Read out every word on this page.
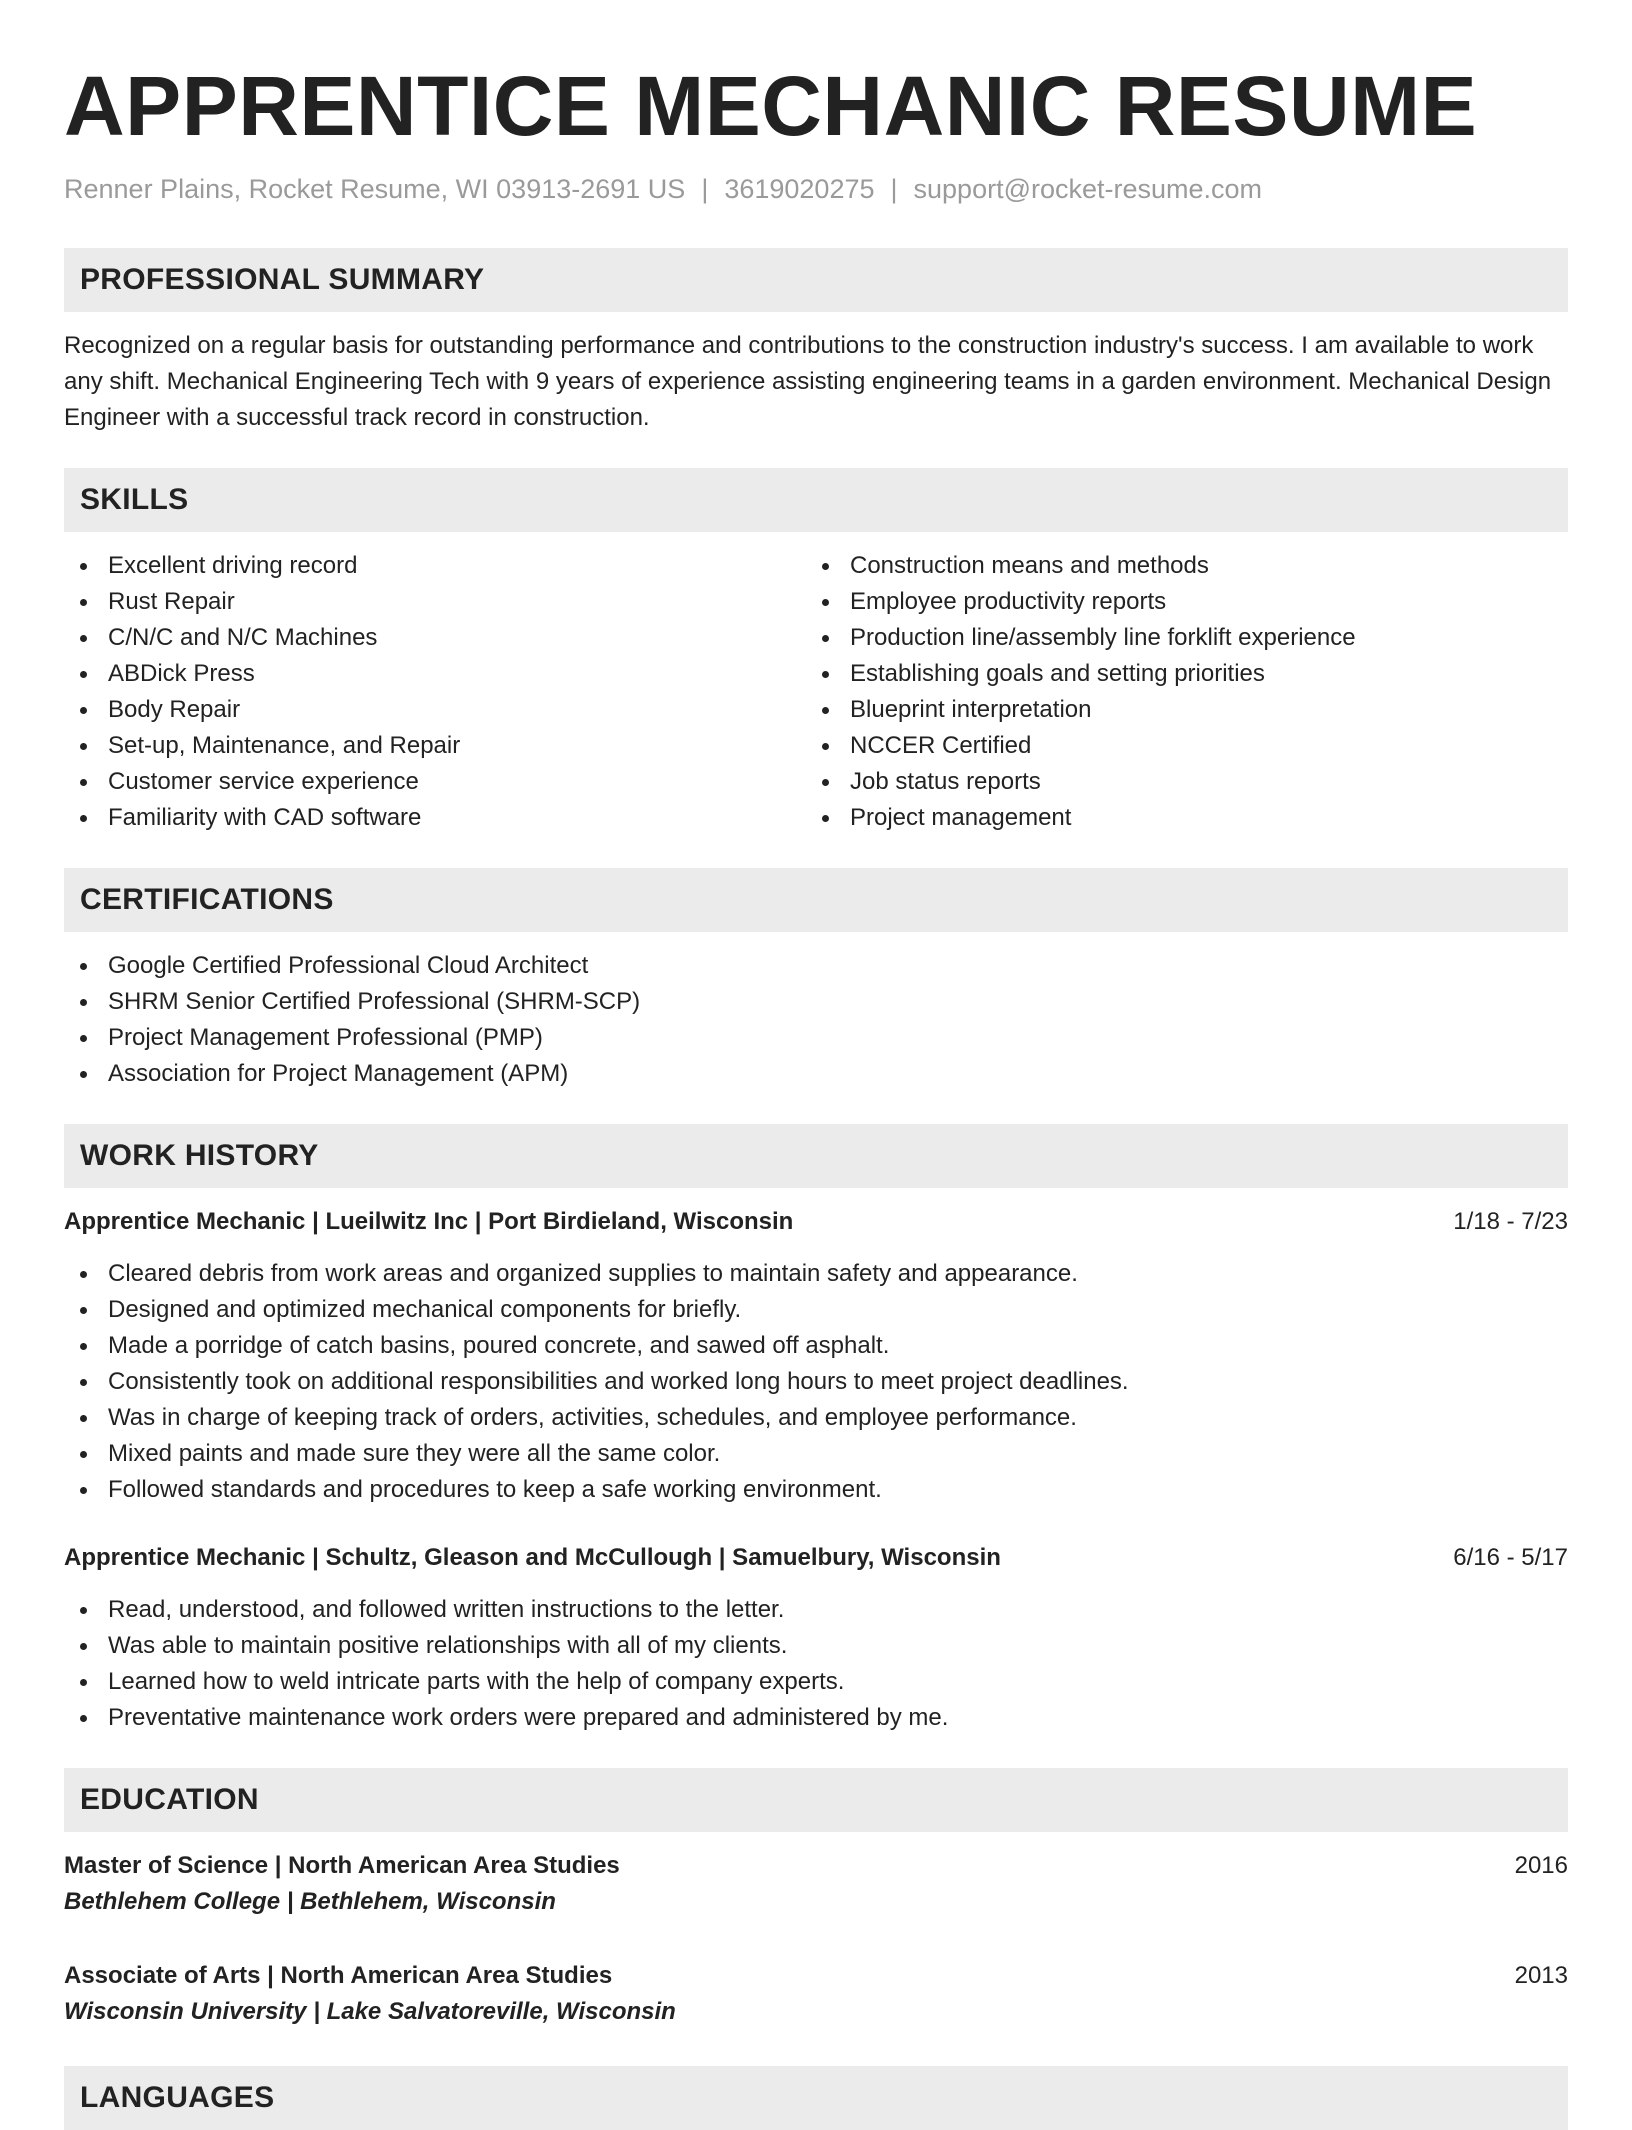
APPRENTICE MECHANIC RESUME
Renner Plains, Rocket Resume, WI 03913-2691 US | 3619020275 | support@rocket-resume.com
PROFESSIONAL SUMMARY
Recognized on a regular basis for outstanding performance and contributions to the construction industry's success. I am available to work any shift. Mechanical Engineering Tech with 9 years of experience assisting engineering teams in a garden environment. Mechanical Design Engineer with a successful track record in construction.
SKILLS
Excellent driving record
Rust Repair
C/N/C and N/C Machines
ABDick Press
Body Repair
Set-up, Maintenance, and Repair
Customer service experience
Familiarity with CAD software
Construction means and methods
Employee productivity reports
Production line/assembly line forklift experience
Establishing goals and setting priorities
Blueprint interpretation
NCCER Certified
Job status reports
Project management
CERTIFICATIONS
Google Certified Professional Cloud Architect
SHRM Senior Certified Professional (SHRM-SCP)
Project Management Professional (PMP)
Association for Project Management (APM)
WORK HISTORY
Apprentice Mechanic | Lueilwitz Inc | Port Birdieland, Wisconsin	1/18 - 7/23
Cleared debris from work areas and organized supplies to maintain safety and appearance.
Designed and optimized mechanical components for briefly.
Made a porridge of catch basins, poured concrete, and sawed off asphalt.
Consistently took on additional responsibilities and worked long hours to meet project deadlines.
Was in charge of keeping track of orders, activities, schedules, and employee performance.
Mixed paints and made sure they were all the same color.
Followed standards and procedures to keep a safe working environment.
Apprentice Mechanic | Schultz, Gleason and McCullough | Samuelbury, Wisconsin	6/16 - 5/17
Read, understood, and followed written instructions to the letter.
Was able to maintain positive relationships with all of my clients.
Learned how to weld intricate parts with the help of company experts.
Preventative maintenance work orders were prepared and administered by me.
EDUCATION
Master of Science | North American Area Studies	2016
Bethlehem College | Bethlehem, Wisconsin
Associate of Arts | North American Area Studies	2013
Wisconsin University | Lake Salvatoreville, Wisconsin
LANGUAGES
